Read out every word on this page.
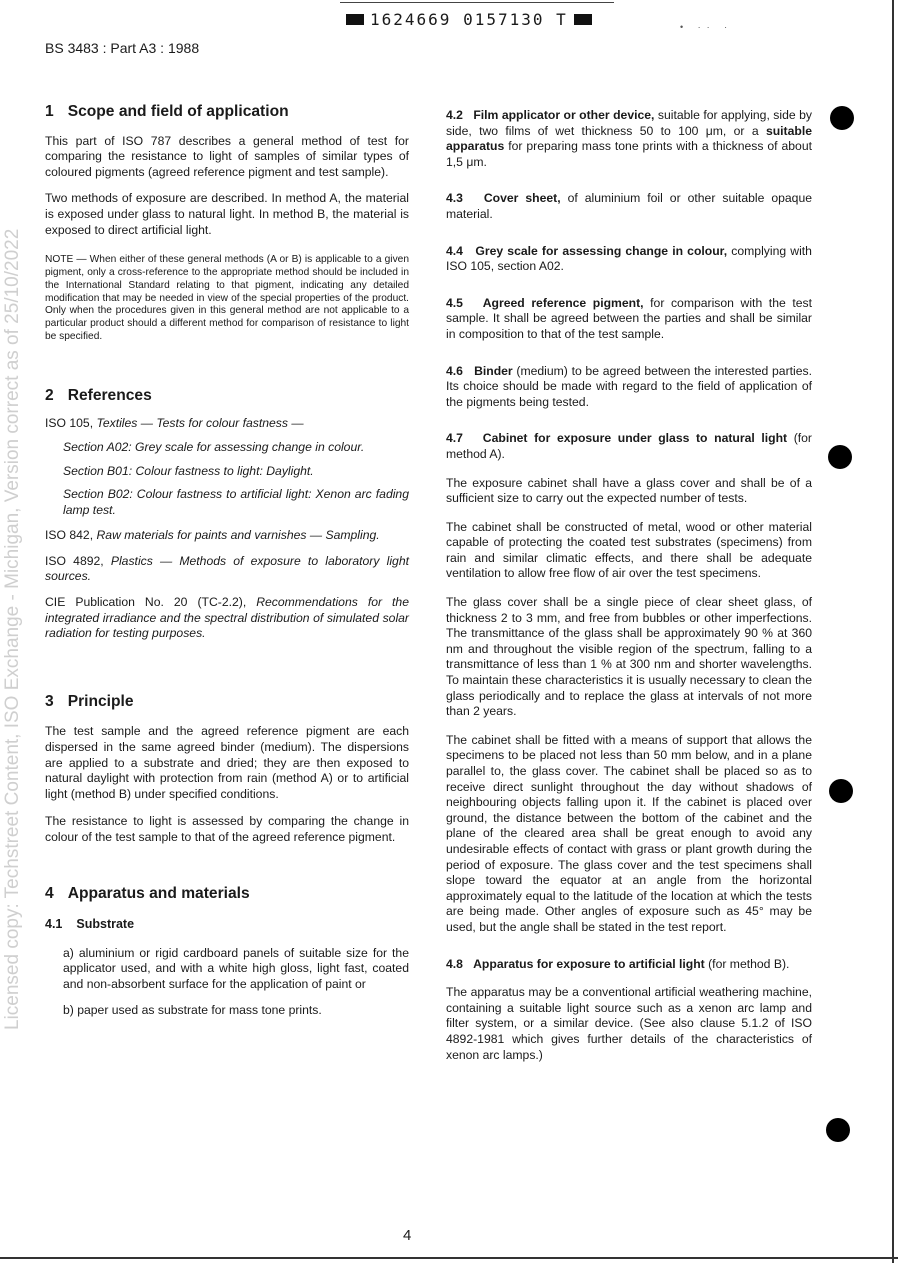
1624669 0157130 T	• ·· ·
BS 3483 : Part A3 : 1988
Licensed copy: Techstreet Content, ISO Exchange - Michigan, Version correct as of 25/10/2022
1 Scope and field of application

This part of ISO 787 describes a general method of test for comparing the resistance to light of samples of similar types of coloured pigments (agreed reference pigment and test sample).

Two methods of exposure are described. In method A, the material is exposed under glass to natural light. In method B, the material is exposed to direct artificial light.

NOTE — When either of these general methods (A or B) is applicable to a given pigment, only a cross-reference to the appropriate method should be included in the International Standard relating to that pigment, indicating any detailed modification that may be needed in view of the special properties of the product. Only when the procedures given in this general method are not applicable to a particular product should a different method for comparison of resistance to light be specified.

2 References

ISO 105, Textiles — Tests for colour fastness —

Section A02: Grey scale for assessing change in colour.

Section B01: Colour fastness to light: Daylight.

Section B02: Colour fastness to artificial light: Xenon arc fading lamp test.

ISO 842, Raw materials for paints and varnishes — Sampling.

ISO 4892, Plastics — Methods of exposure to laboratory light sources.

CIE Publication No. 20 (TC-2.2), Recommendations for the integrated irradiance and the spectral distribution of simulated solar radiation for testing purposes.

3 Principle

The test sample and the agreed reference pigment are each dispersed in the same agreed binder (medium). The dispersions are applied to a substrate and dried; they are then exposed to natural daylight with protection from rain (method A) or to artificial light (method B) under specified conditions.

The resistance to light is assessed by comparing the change in colour of the test sample to that of the agreed reference pigment.

4 Apparatus and materials
4.1 Substrate

a) aluminium or rigid cardboard panels of suitable size for the applicator used, and with a white high gloss, light fast, coated and non-absorbent surface for the application of paint or

b) paper used as substrate for mass tone prints.

4.2 Film applicator or other device, suitable for applying, side by side, two films of wet thickness 50 to 100 μm, or a suitable apparatus for preparing mass tone prints with a thickness of about 1,5 μm.

4.3 Cover sheet, of aluminium foil or other suitable opaque material.

4.4 Grey scale for assessing change in colour, complying with ISO 105, section A02.

4.5 Agreed reference pigment, for comparison with the test sample. It shall be agreed between the parties and shall be similar in composition to that of the test sample.

4.6 Binder (medium) to be agreed between the interested parties. Its choice should be made with regard to the field of application of the pigments being tested.

4.7 Cabinet for exposure under glass to natural light (for method A).

The exposure cabinet shall have a glass cover and shall be of a sufficient size to carry out the expected number of tests.

The cabinet shall be constructed of metal, wood or other material capable of protecting the coated test substrates (specimens) from rain and similar climatic effects, and there shall be adequate ventilation to allow free flow of air over the test specimens.

The glass cover shall be a single piece of clear sheet glass, of thickness 2 to 3 mm, and free from bubbles or other imperfections. The transmittance of the glass shall be approximately 90 % at 360 nm and throughout the visible region of the spectrum, falling to a transmittance of less than 1 % at 300 nm and shorter wavelengths. To maintain these characteristics it is usually necessary to clean the glass periodically and to replace the glass at intervals of not more than 2 years.

The cabinet shall be fitted with a means of support that allows the specimens to be placed not less than 50 mm below, and in a plane parallel to, the glass cover. The cabinet shall be placed so as to receive direct sunlight throughout the day without shadows of neighbouring objects falling upon it. If the cabinet is placed over ground, the distance between the bottom of the cabinet and the plane of the cleared area shall be great enough to avoid any undesirable effects of contact with grass or plant growth during the period of exposure. The glass cover and the test specimens shall slope toward the equator at an angle from the horizontal approximately equal to the latitude of the location at which the tests are being made. Other angles of exposure such as 45° may be used, but the angle shall be stated in the test report.

4.8 Apparatus for exposure to artificial light (for method B).

The apparatus may be a conventional artificial weathering machine, containing a suitable light source such as a xenon arc lamp and filter system, or a similar device. (See also clause 5.1.2 of ISO 4892-1981 which gives further details of the characteristics of xenon arc lamps.)

4
